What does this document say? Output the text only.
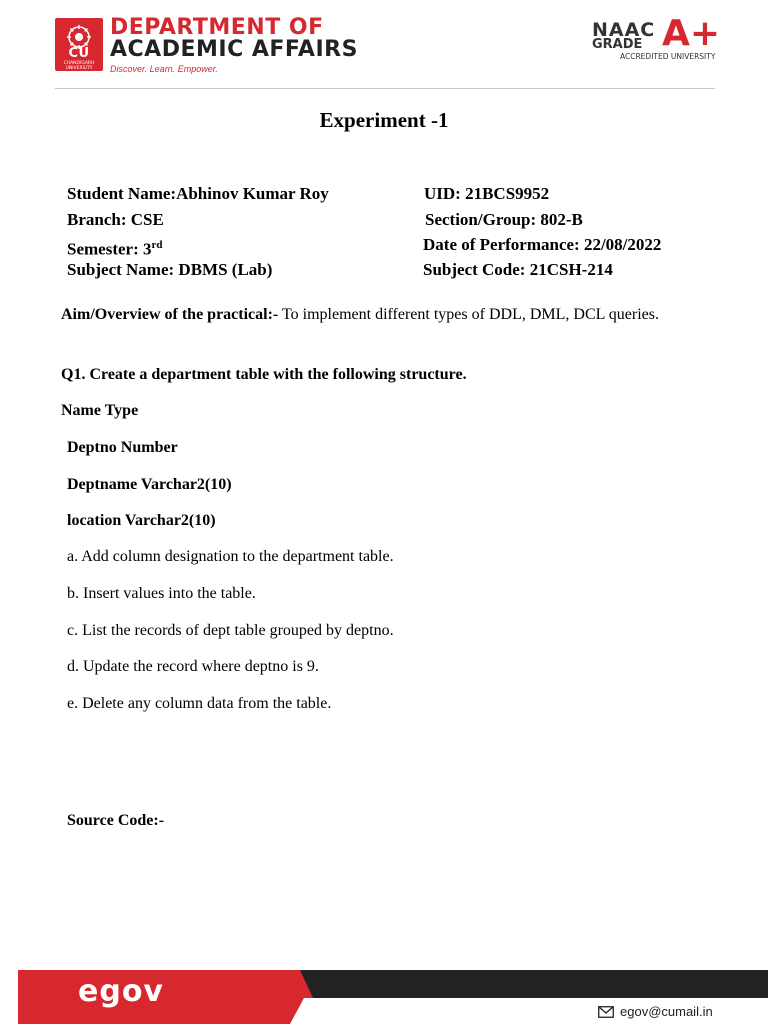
CU
CHANDIGARH UNIVERSITY
DEPARTMENT OF
ACADEMIC AFFAIRS
Discover. Learn. Empower.
NAAC
GRADE A+
ACCREDITED UNIVERSITY
Experiment -1
Student Name:Abhinov Kumar Roy	UID: 21BCS9952
Branch: CSE	Section/Group: 802-B
Semester: 3rd	Date of Performance: 22/08/2022
Subject Name: DBMS (Lab)	Subject Code: 21CSH-214
Aim/Overview of the practical:- To implement different types of DDL, DML, DCL queries.
Q1. Create a department table with the following structure.
Name Type
Deptno Number
Deptname Varchar2(10)
location Varchar2(10)
a. Add column designation to the department table.
b. Insert values into the table.
c. List the records of dept table grouped by deptno.
d. Update the record where deptno is 9.
e. Delete any column data from the table.
Source Code:-
egov
egov@cumail.in
